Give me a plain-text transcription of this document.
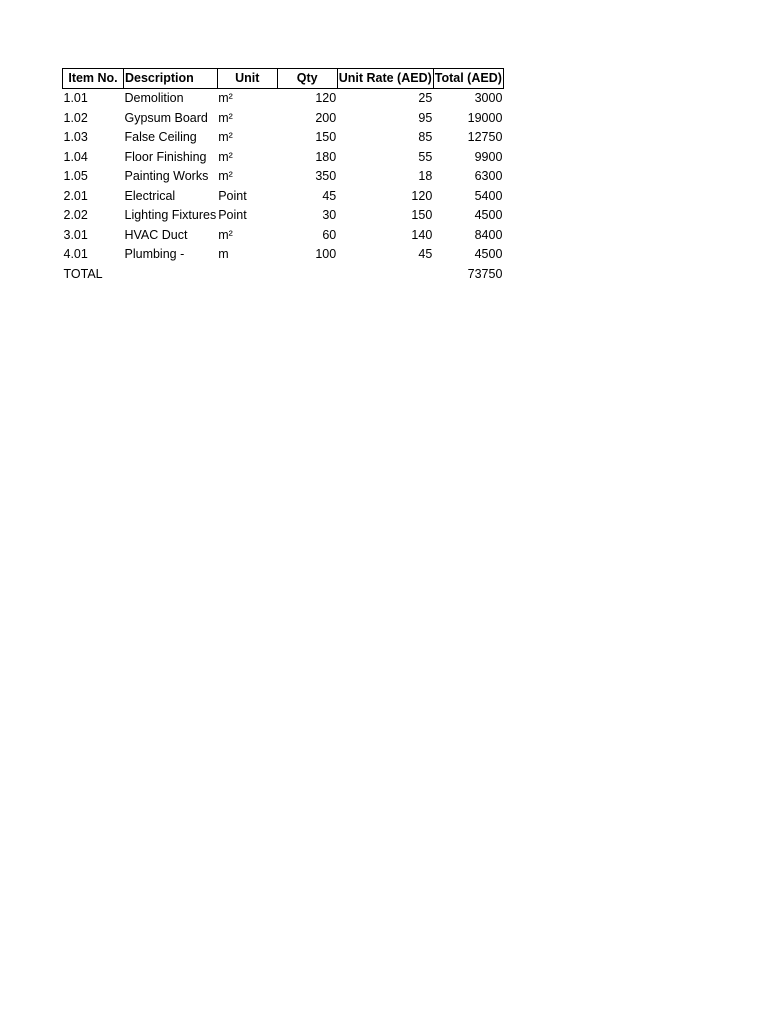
Item No.	Description	Unit	Qty	Unit Rate (AED)	Total (AED)
1.01	Demolition	m²	120	25	3000
1.02	Gypsum Board	m²	200	95	19000
1.03	False Ceiling	m²	150	85	12750
1.04	Floor Finishing	m²	180	55	9900
1.05	Painting Works	m²	350	18	6300
2.01	Electrical	Point	45	120	5400
2.02	Lighting Fixtures	Point	30	150	4500
3.01	HVAC Duct	m²	60	140	8400
4.01	Plumbing -	m	100	45	4500
TOTAL					73750
